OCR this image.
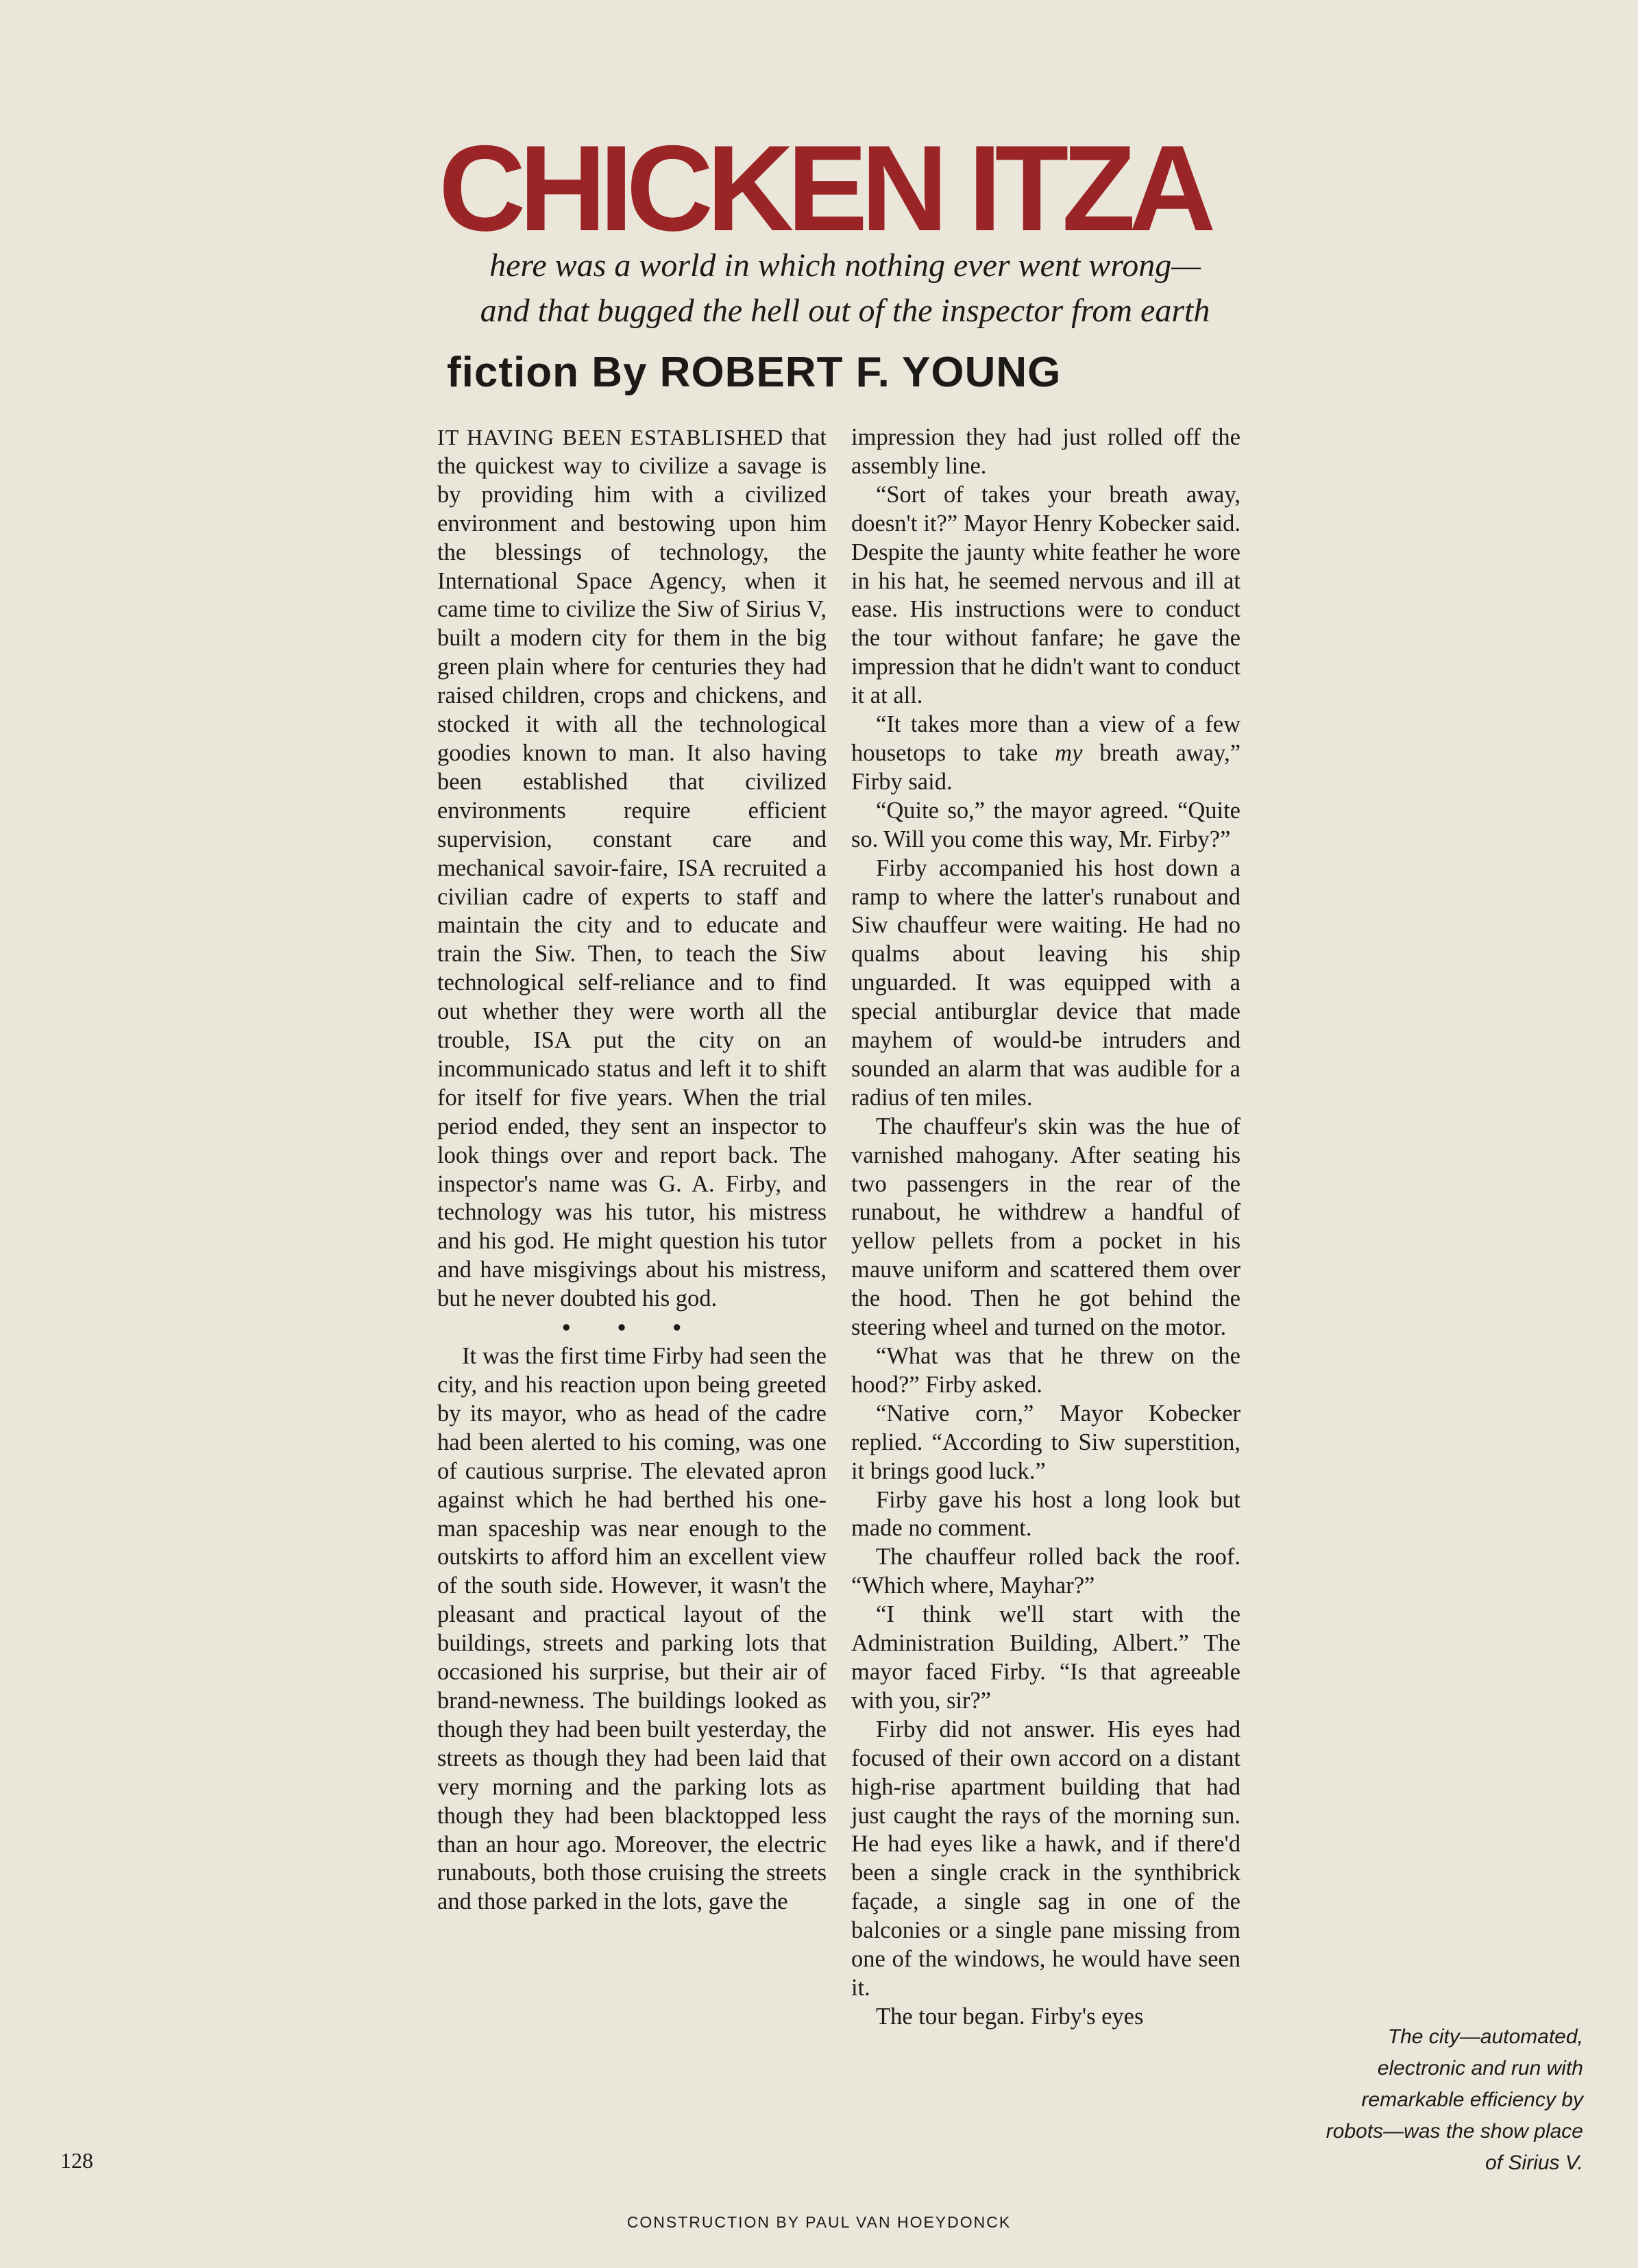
CHICKEN ITZA
here was a world in which nothing ever went wrong—
and that bugged the hell out of the inspector from earth
fiction By ROBERT F. YOUNG

IT HAVING BEEN ESTABLISHED that the quickest way to civilize a savage is by providing him with a civilized environment and bestowing upon him the blessings of technology, the International Space Agency, when it came time to civilize the Siw of Sirius V, built a modern city for them in the big green plain where for centuries they had raised children, crops and chickens, and stocked it with all the technological goodies known to man. It also having been established that civilized environments require efficient supervision, constant care and mechanical savoir-faire, ISA recruited a civilian cadre of experts to staff and maintain the city and to educate and train the Siw. Then, to teach the Siw technological self-reliance and to find out whether they were worth all the trouble, ISA put the city on an incommunicado status and left it to shift for itself for five years. When the trial period ended, they sent an inspector to look things over and report back. The inspector's name was G. A. Firby, and technology was his tutor, his mistress and his god. He might question his tutor and have misgivings about his mistress, but he never doubted his god.

• • •

It was the first time Firby had seen the city, and his reaction upon being greeted by its mayor, who as head of the cadre had been alerted to his coming, was one of cautious surprise. The elevated apron against which he had berthed his one-man spaceship was near enough to the outskirts to afford him an excellent view of the south side. However, it wasn't the pleasant and practical layout of the buildings, streets and parking lots that occasioned his surprise, but their air of brand-newness. The buildings looked as though they had been built yesterday, the streets as though they had been laid that very morning and the parking lots as though they had been blacktopped less than an hour ago. Moreover, the electric runabouts, both those cruising the streets and those parked in the lots, gave the

impression they had just rolled off the assembly line.

“Sort of takes your breath away, doesn't it?” Mayor Henry Kobecker said. Despite the jaunty white feather he wore in his hat, he seemed nervous and ill at ease. His instructions were to conduct the tour without fanfare; he gave the impression that he didn't want to conduct it at all.

“It takes more than a view of a few housetops to take my breath away,” Firby said.

“Quite so,” the mayor agreed. “Quite so. Will you come this way, Mr. Firby?”

Firby accompanied his host down a ramp to where the latter's runabout and Siw chauffeur were waiting. He had no qualms about leaving his ship unguarded. It was equipped with a special antiburglar device that made mayhem of would-be intruders and sounded an alarm that was audible for a radius of ten miles.

The chauffeur's skin was the hue of varnished mahogany. After seating his two passengers in the rear of the runabout, he withdrew a handful of yellow pellets from a pocket in his mauve uniform and scattered them over the hood. Then he got behind the steering wheel and turned on the motor.

“What was that he threw on the hood?” Firby asked.

“Native corn,” Mayor Kobecker replied. “According to Siw superstition, it brings good luck.”

Firby gave his host a long look but made no comment.

The chauffeur rolled back the roof. “Which where, Mayhar?”

“I think we'll start with the Administration Building, Albert.” The mayor faced Firby. “Is that agreeable with you, sir?”

Firby did not answer. His eyes had focused of their own accord on a distant high-rise apartment building that had just caught the rays of the morning sun. He had eyes like a hawk, and if there'd been a single crack in the synthibrick façade, a single sag in one of the balconies or a single pane missing from one of the windows, he would have seen it.

The tour began. Firby's eyes

The city—automated, electronic and run with remarkable efficiency by robots—was the show place of Sirius V.
128
CONSTRUCTION BY PAUL VAN HOEYDONCK
